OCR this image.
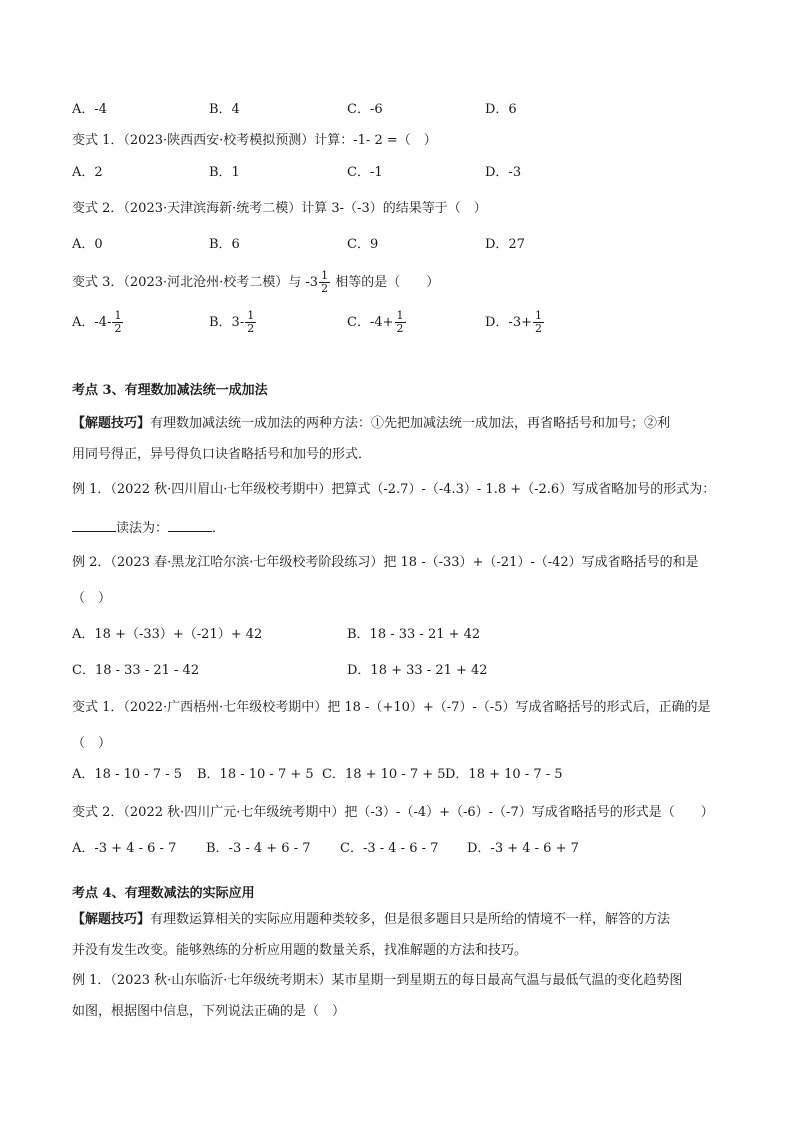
A．-4	B．4	C．-6	D．6
变式 1．（2023·陕西西安·校考模拟预测）计算：-1- 2 =（　）
A．2	B．1	C．-1	D．-3
变式 2．（2023·天津滨海新·统考二模）计算 3-（-3）的结果等于（　）
A．0	B．6	C．9	D．27
变式 3．（2023·河北沧州·校考二模）与 $-3 \frac{1}{2}$ 相等的是（　　）
A．$-4- \frac{1}{2}$	B．$3- \frac{1}{2}$	C．$-4+ \frac{1}{2}$	D．$-3+ \frac{1}{2}$
考点 3、有理数加减法统一成加法
【解题技巧】有理数加减法统一成加法的两种方法：①先把加减法统一成加法，再省略括号和加号；②利
用同号得正，异号得负口诀省略括号和加号的形式．
例 1．（2022 秋·四川眉山·七年级校考期中）把算式（-2.7）-（-4.3）- 1.8 +（-2.6）写成省略加号的形式为：
读法为：	．
例 2．（2023 春·黑龙江哈尔滨·七年级校考阶段练习）把 18 -（-33）+（-21）-（-42）写成省略括号的和是
（　）
A．18 +（-33）+（-21）+ 42	B．18 - 33 - 21 + 42
C．18 - 33 - 21 - 42	D．18 + 33 - 21 + 42
变式 1．（2022·广西梧州·七年级校考期中）把 18 -（+10）+（-7）-（-5）写成省略括号的形式后，正确的是
（　）
A．18 - 10 - 7 - 5 B．18 - 10 - 7 + 5 C．18 + 10 - 7 + 5 D．18 + 10 - 7 - 5
变式 2．（2022 秋·四川广元·七年级统考期中）把（-3）-（-4）+（-6）-（-7）写成省略括号的形式是（　　）
A．-3 + 4 - 6 - 7 B．-3 - 4 + 6 - 7 C．-3 - 4 - 6 - 7 D．-3 + 4 - 6 + 7
考点 4、有理数减法的实际应用
【解题技巧】有理数运算相关的实际应用题种类较多，但是很多题目只是所给的情境不一样，解答的方法
并没有发生改变。能够熟练的分析应用题的数量关系，找准解题的方法和技巧。
例 1．（2023 秋·山东临沂·七年级统考期末）某市星期一到星期五的每日最高气温与最低气温的变化趋势图
如图，根据图中信息，下列说法正确的是（　）
